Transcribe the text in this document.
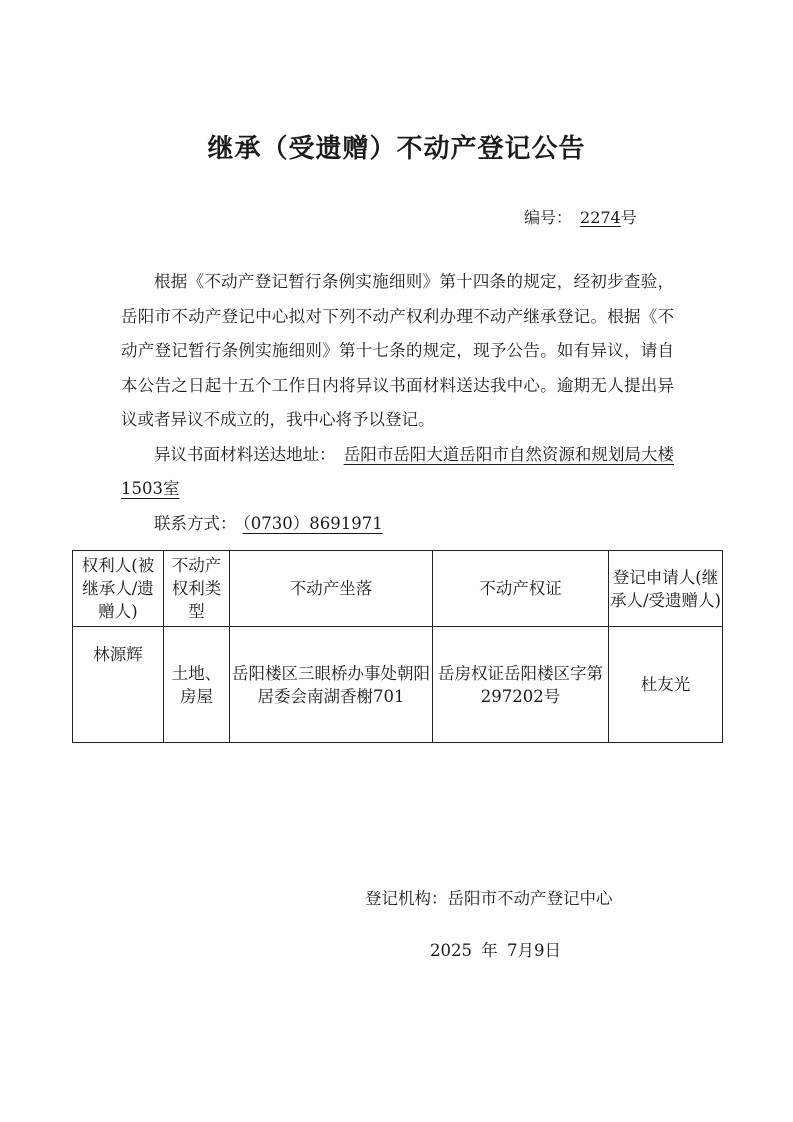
继承（受遗赠）不动产登记公告
编号： 2274号

根据《不动产登记暂行条例实施细则》第十四条的规定，经初步查验，岳阳市不动产登记中心拟对下列不动产权利办理不动产继承登记。根据《不动产登记暂行条例实施细则》第十七条的规定，现予公告。如有异议，请自本公告之日起十五个工作日内将异议书面材料送达我中心。逾期无人提出异议或者异议不成立的，我中心将予以登记。

异议书面材料送达地址： 岳阳市岳阳大道岳阳市自然资源和规划局大楼1503室

联系方式： （0730）8691971

权利人(被继承人/遗赠人)	不动产权利类型	不动产坐落	不动产权证	登记申请人(继承人/受遗赠人)
林源辉	土地、房屋	岳阳楼区三眼桥办事处朝阳居委会南湖香榭701	岳房权证岳阳楼区字第297202号	杜友光
登记机构：岳阳市不动产登记中心
2025 年 7月9日
